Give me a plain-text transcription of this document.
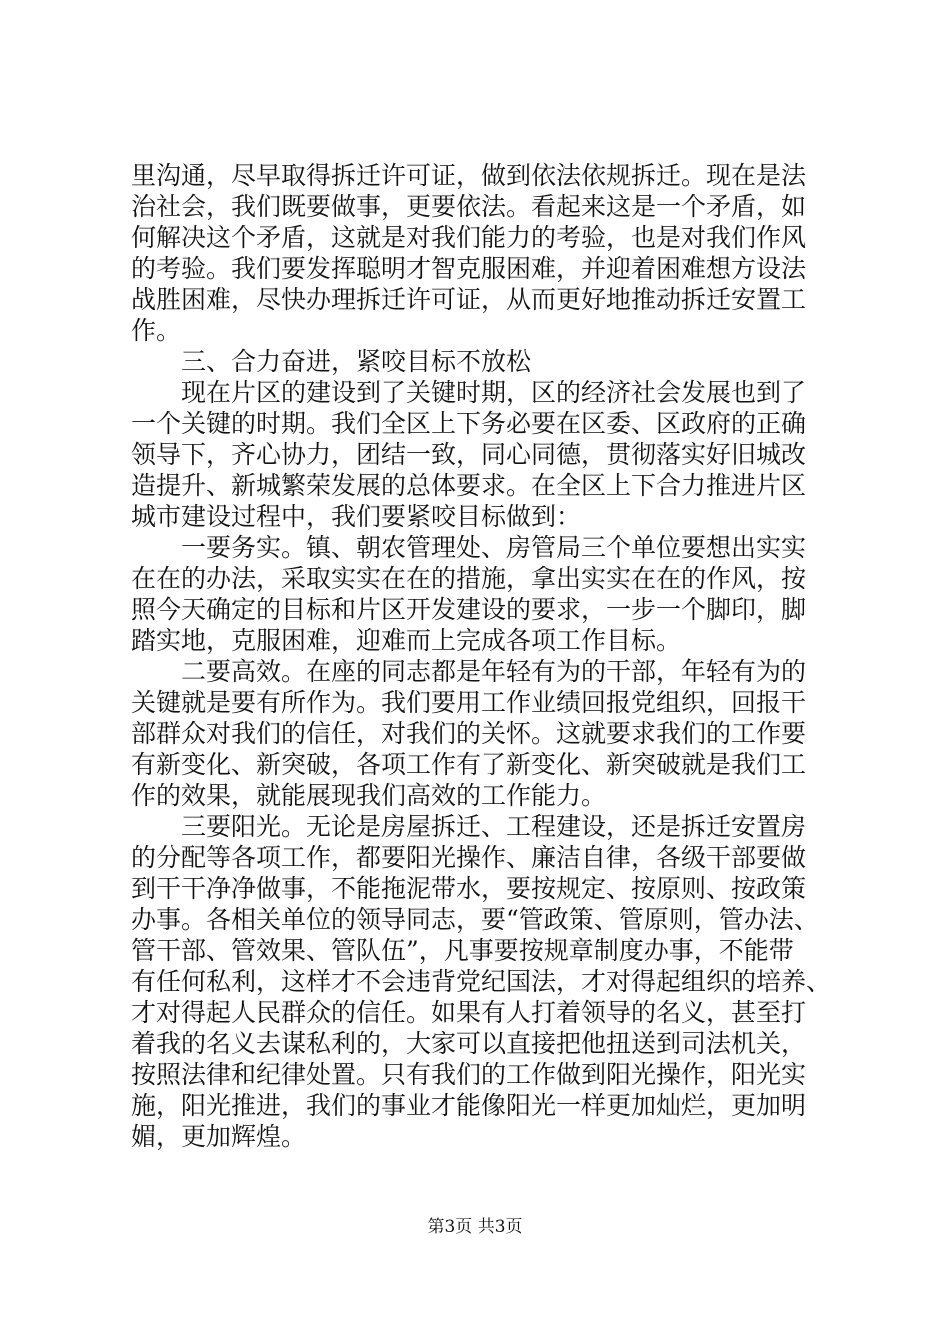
里沟通，尽早取得拆迁许可证，做到依法依规拆迁。现在是法
治社会，我们既要做事，更要依法。看起来这是一个矛盾，如
何解决这个矛盾，这就是对我们能力的考验，也是对我们作风
的考验。我们要发挥聪明才智克服困难，并迎着困难想方设法
战胜困难，尽快办理拆迁许可证，从而更好地推动拆迁安置工
作。
三、合力奋进，紧咬目标不放松
现在片区的建设到了关键时期，区的经济社会发展也到了
一个关键的时期。我们全区上下务必要在区委、区政府的正确
领导下，齐心协力，团结一致，同心同德，贯彻落实好旧城改
造提升、新城繁荣发展的总体要求。在全区上下合力推进片区
城市建设过程中，我们要紧咬目标做到：
一要务实。镇、朝农管理处、房管局三个单位要想出实实
在在的办法，采取实实在在的措施，拿出实实在在的作风，按
照今天确定的目标和片区开发建设的要求，一步一个脚印，脚
踏实地，克服困难，迎难而上完成各项工作目标。
二要高效。在座的同志都是年轻有为的干部，年轻有为的
关键就是要有所作为。我们要用工作业绩回报党组织，回报干
部群众对我们的信任，对我们的关怀。这就要求我们的工作要
有新变化、新突破，各项工作有了新变化、新突破就是我们工
作的效果，就能展现我们高效的工作能力。
三要阳光。无论是房屋拆迁、工程建设，还是拆迁安置房
的分配等各项工作，都要阳光操作、廉洁自律，各级干部要做
到干干净净做事，不能拖泥带水，要按规定、按原则、按政策
办事。各相关单位的领导同志，要“管政策、管原则，管办法、
管干部、管效果、管队伍”，凡事要按规章制度办事，不能带
有任何私利，这样才不会违背党纪国法，才对得起组织的培养、
才对得起人民群众的信任。如果有人打着领导的名义，甚至打
着我的名义去谋私利的，大家可以直接把他扭送到司法机关，
按照法律和纪律处置。只有我们的工作做到阳光操作，阳光实
施，阳光推进，我们的事业才能像阳光一样更加灿烂，更加明
媚，更加辉煌。
第3页 共3页
